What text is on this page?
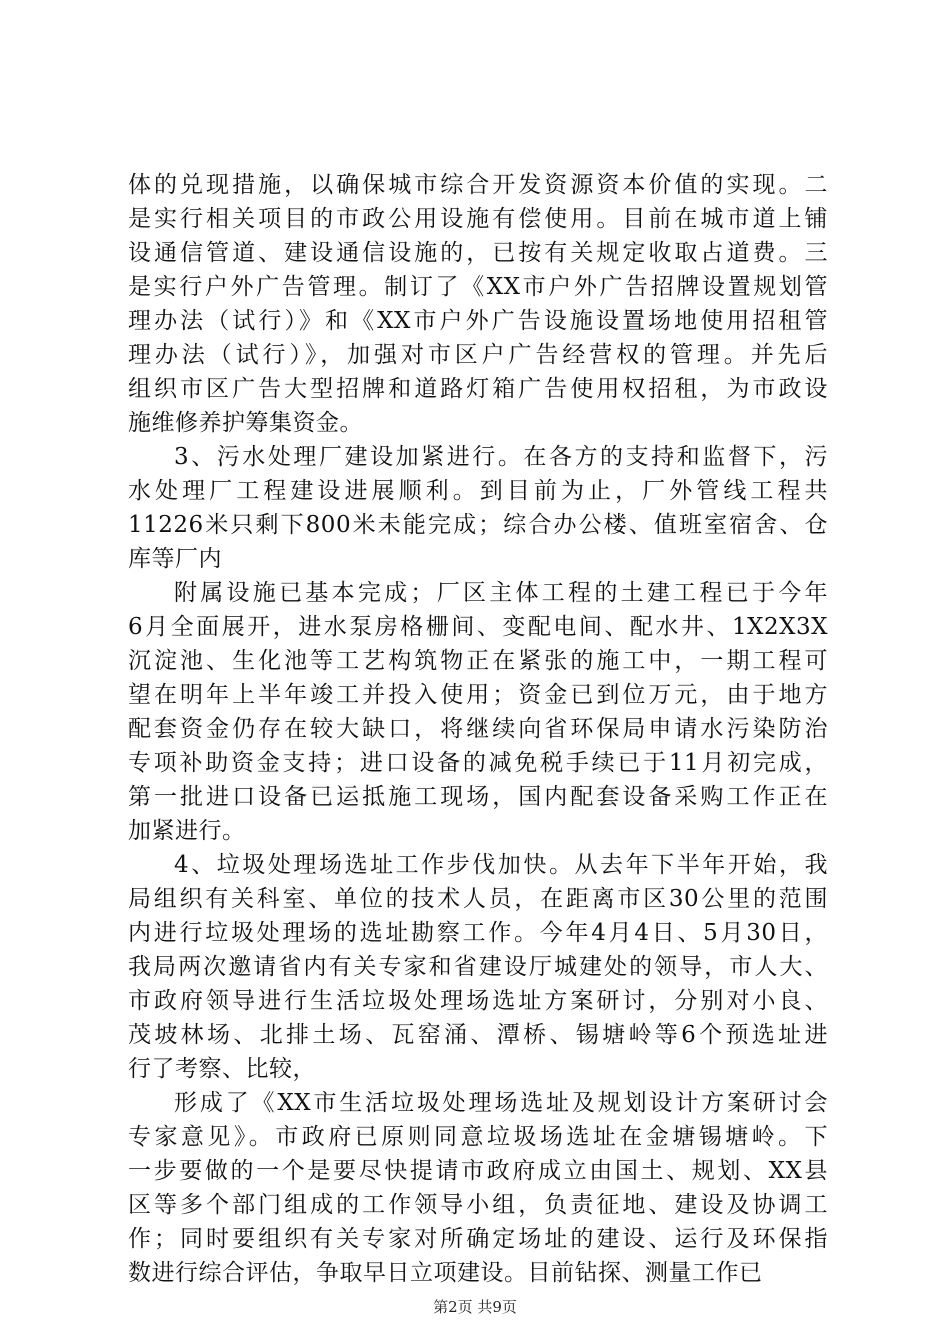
体的兑现措施，以确保城市综合开发资源资本价值的实现。二
是实行相关项目的市政公用设施有偿使用。目前在城市道上铺
设通信管道、建设通信设施的，已按有关规定收取占道费。三
是实行户外广告管理。制订了《XX市户外广告招牌设置规划管
理办法（试行）》和《XX市户外广告设施设置场地使用招租管
理办法（试行）》，加强对市区户广告经营权的管理。并先后
组织市区广告大型招牌和道路灯箱广告使用权招租，为市政设
施维修养护筹集资金。
3、污水处理厂建设加紧进行。在各方的支持和监督下，污
水处理厂工程建设进展顺利。到目前为止，厂外管线工程共
11226米只剩下800米未能完成；综合办公楼、值班室宿舍、仓
库等厂内
附属设施已基本完成；厂区主体工程的土建工程已于今年
6月全面展开，进水泵房格栅间、变配电间、配水井、1X2X3X
沉淀池、生化池等工艺构筑物正在紧张的施工中，一期工程可
望在明年上半年竣工并投入使用；资金已到位万元，由于地方
配套资金仍存在较大缺口，将继续向省环保局申请水污染防治
专项补助资金支持；进口设备的减免税手续已于11月初完成，
第一批进口设备已运抵施工现场，国内配套设备采购工作正在
加紧进行。
4、垃圾处理场选址工作步伐加快。从去年下半年开始，我
局组织有关科室、单位的技术人员，在距离市区30公里的范围
内进行垃圾处理场的选址勘察工作。今年4月4日、5月30日，
我局两次邀请省内有关专家和省建设厅城建处的领导，市人大、
市政府领导进行生活垃圾处理场选址方案研讨，分别对小良、
茂坡林场、北排土场、瓦窑涌、潭桥、锡塘岭等6个预选址进
行了考察、比较，
形成了《XX市生活垃圾处理场选址及规划设计方案研讨会
专家意见》。市政府已原则同意垃圾场选址在金塘锡塘岭。下
一步要做的一个是要尽快提请市政府成立由国土、规划、XX县
区等多个部门组成的工作领导小组，负责征地、建设及协调工
作；同时要组织有关专家对所确定场址的建设、运行及环保指
数进行综合评估，争取早日立项建设。目前钻探、测量工作已
第2页 共9页
